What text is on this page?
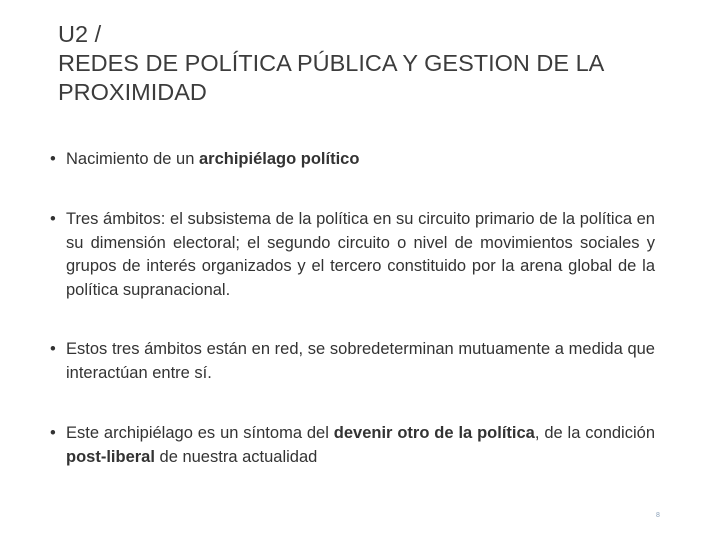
U2 /
REDES DE POLÍTICA PÚBLICA Y GESTION DE LA
PROXIMIDAD

• Nacimiento de un archipiélago político

• Tres ámbitos: el subsistema de la política en su circuito primario de la política en su dimensión electoral; el segundo circuito o nivel de movimientos sociales y grupos de interés organizados y el tercero constituido por la arena global de la política supranacional.

• Estos tres ámbitos están en red, se sobredeterminan mutuamente a medida que interactúan entre sí.

• Este archipiélago es un síntoma del devenir otro de la política, de la condición post-liberal de nuestra actualidad

8
